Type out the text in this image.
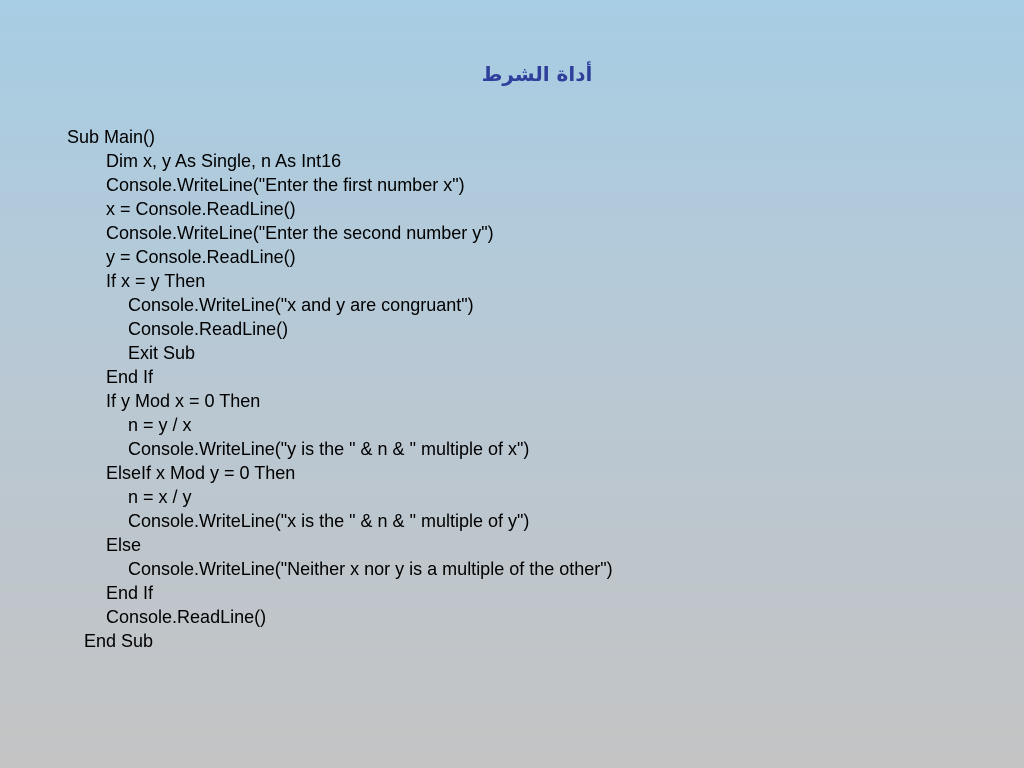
أداة الشرط
Sub Main()
Dim x, y As Single, n As Int16
Console.WriteLine("Enter the first number x")
x = Console.ReadLine()
Console.WriteLine("Enter the second number y")
y = Console.ReadLine()
If x = y Then
Console.WriteLine("x and y are congruant")
Console.ReadLine()
Exit Sub
End If
If y Mod x = 0 Then
n = y / x
Console.WriteLine("y is the " & n & " multiple of x")
ElseIf x Mod y = 0 Then
n = x / y
Console.WriteLine("x is the " & n & " multiple of y")
Else
Console.WriteLine("Neither x nor y is a multiple of the other")
End If
Console.ReadLine()
End Sub
